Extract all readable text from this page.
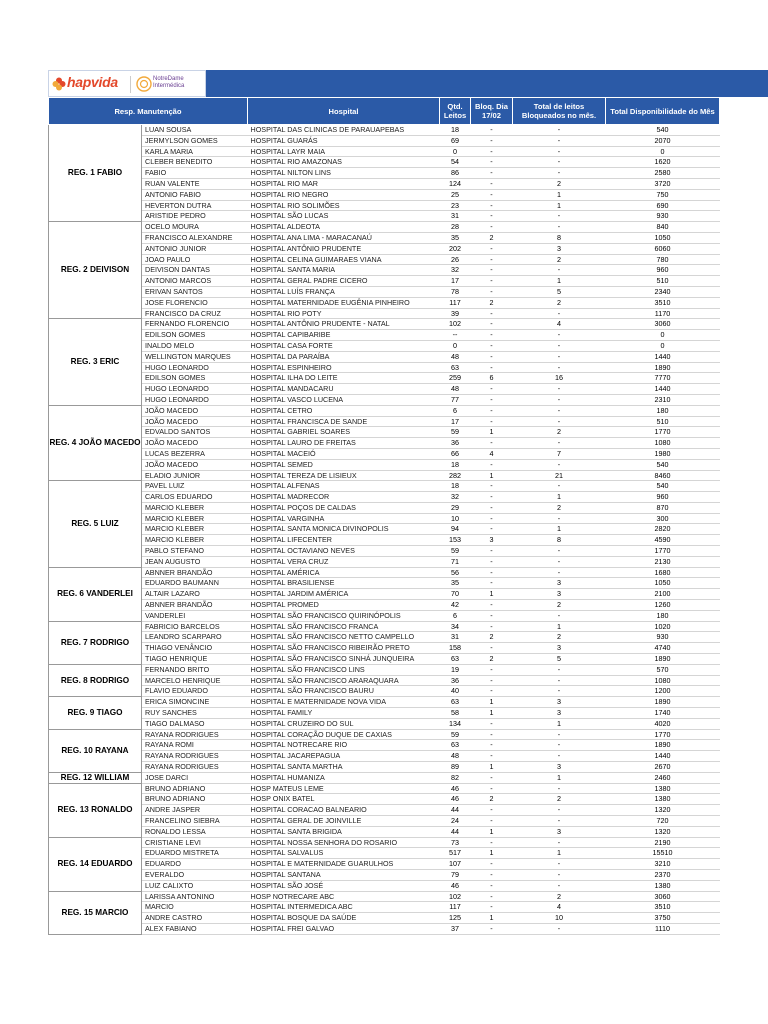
hapvida	NotreDame
Intermédica
Resp. Manutenção		Hospital	Qtd. Leitos	Bloq. Dia 17/02	Total de leitos Bloqueados no mês.	Total Disponibilidade do Mês
REG. 1 FABIO	LUAN SOUSA	HOSPITAL DAS CLINICAS DE PARAUAPEBAS	18	-	-	540
	JERMYLSON GOMES	HOSPITAL GUARÁS	69	-	-	2070
	KARLA MARIA	HOSPITAL LAYR MAIA	0	-	-	0
	CLEBER BENEDITO	HOSPITAL RIO AMAZONAS	54	-	-	1620
	FABIO	HOSPITAL NILTON LINS	86	-	-	2580
	RUAN VALENTE	HOSPITAL RIO MAR	124	-	2	3720
	ANTONIO FABIO	HOSPITAL RIO NEGRO	25	-	1	750
	HEVERTON DUTRA	HOSPITAL RIO SOLIMÕES	23	-	1	690
	ARISTIDE PEDRO	HOSPITAL SÃO LUCAS	31	-	-	930
REG. 2 DEIVISON	OCELO MOURA	HOSPITAL ALDEOTA	28	-	-	840
	FRANCISCO ALEXANDRE	HOSPITAL ANA LIMA - MARACANAÚ	35	2	8	1050
	ANTONIO JUNIOR	HOSPITAL ANTÔNIO PRUDENTE	202	-	3	6060
	JOAO PAULO	HOSPITAL CELINA GUIMARAES VIANA	26	-	2	780
	DEIVISON DANTAS	HOSPITAL SANTA MARIA	32	-	-	960
	ANTONIO MARCOS	HOSPITAL GERAL PADRE CICERO	17	-	1	510
	ERIVAN SANTOS	HOSPITAL LUÍS FRANÇA	78	-	5	2340
	JOSE FLORENCIO	HOSPITAL MATERNIDADE EUGÊNIA PINHEIRO	117	2	2	3510
	FRANCISCO DA CRUZ	HOSPITAL RIO POTY	39	-	-	1170
REG. 3 ERIC	FERNANDO FLORENCIO	HOSPITAL ANTÔNIO PRUDENTE - NATAL	102	-	4	3060
	EDILSON GOMES	HOSPITAL CAPIBARIBE	--	-	-	0
	INALDO MELO	HOSPITAL CASA FORTE	0	-	-	0
	WELLINGTON MARQUES	HOSPITAL DA PARAÍBA	48	-	-	1440
	HUGO LEONARDO	HOSPITAL ESPINHEIRO	63	-	-	1890
	EDILSON GOMES	HOSPITAL ILHA DO LEITE	259	6	16	7770
	HUGO LEONARDO	HOSPITAL MANDACARU	48	-	-	1440
	HUGO LEONARDO	HOSPITAL VASCO LUCENA	77	-	-	2310
REG. 4 JOÃO MACEDO	JOÃO MACEDO	HOSPITAL CETRO	6	-	-	180
	JOÃO MACEDO	HOSPITAL FRANCISCA DE SANDE	17	-	-	510
	EDVALDO SANTOS	HOSPITAL GABRIEL SOARES	59	1	2	1770
	JOÃO MACEDO	HOSPITAL LAURO DE FREITAS	36	-	-	1080
	LUCAS BEZERRA	HOSPITAL MACEIÓ	66	4	7	1980
	JOÃO MACEDO	HOSPITAL SEMED	18	-	-	540
	ELADIO JUNIOR	HOSPITAL TEREZA DE LISIEUX	282	1	21	8460
REG. 5 LUIZ	PAVEL LUIZ	HOSPITAL ALFENAS	18	-	-	540
	CARLOS EDUARDO	HOSPITAL MADRECOR	32	-	1	960
	MARCIO KLEBER	HOSPITAL POÇOS DE CALDAS	29	-	2	870
	MARCIO KLEBER	HOSPITAL VARGINHA	10	-	-	300
	MARCIO KLEBER	HOSPITAL SANTA MONICA DIVINOPOLIS	94	-	1	2820
	MARCIO KLEBER	HOSPITAL LIFECENTER	153	3	8	4590
	PABLO STEFANO	HOSPITAL OCTAVIANO NEVES	59	-	-	1770
	JEAN AUGUSTO	HOSPITAL VERA CRUZ	71	-	-	2130
REG. 6 VANDERLEI	ABNNER BRANDÃO	HOSPITAL AMÉRICA	56	-	-	1680
	EDUARDO BAUMANN	HOSPITAL BRASILIENSE	35	-	3	1050
	ALTAIR LAZARO	HOSPITAL JARDIM AMÉRICA	70	1	3	2100
	ABNNER BRANDÃO	HOSPITAL PROMED	42	-	2	1260
	VANDERLEI	HOSPITAL SÃO FRANCISCO QUIRINÓPOLIS	6	-	-	180
REG. 7 RODRIGO	FABRICIO BARCELOS	HOSPITAL SÃO FRANCISCO FRANCA	34	-	1	1020
	LEANDRO SCARPARO	HOSPITAL SÃO FRANCISCO NETTO CAMPELLO	31	2	2	930
	THIAGO VENÂNCIO	HOSPITAL SÃO FRANCISCO RIBEIRÃO PRETO	158	-	3	4740
	TIAGO HENRIQUE	HOSPITAL SÃO FRANCISCO SINHÁ JUNQUEIRA	63	2	5	1890
REG. 8 RODRIGO	FERNANDO BRITO	HOSPITAL SÃO FRANCISCO LINS	19	-	-	570
	MARCELO HENRIQUE	HOSPITAL SÃO FRANCISCO ARARAQUARA	36	-	-	1080
	FLAVIO EDUARDO	HOSPITAL SÃO FRANCISCO BAURU	40	-	-	1200
REG. 9 TIAGO	ERICA SIMONCINE	HOSPITAL E MATERNIDADE NOVA VIDA	63	1	3	1890
	RUY SANCHES	HOSPITAL FAMILY	58	1	3	1740
	TIAGO DALMASO	HOSPITAL CRUZEIRO DO SUL	134	-	1	4020
REG. 10 RAYANA	RAYANA RODRIGUES	HOSPITAL CORAÇÃO DUQUE DE CAXIAS	59	-	-	1770
	RAYANA ROMI	HOSPITAL NOTRECARE RIO	63	-	-	1890
	RAYANA RODRIGUES	HOSPITAL JACAREPAGUA	48	-	-	1440
	RAYANA RODRIGUES	HOSPITAL SANTA MARTHA	89	1	3	2670
REG. 12 WILLIAM	JOSE DARCI	HOSPITAL HUMANIZA	82	-	1	2460
REG. 13 RONALDO	BRUNO ADRIANO	HOSP MATEUS LEME	46	-	-	1380
	BRUNO ADRIANO	HOSP ONIX BATEL	46	2	2	1380
	ANDRE JASPER	HOSPITAL CORACAO BALNEARIO	44	-	-	1320
	FRANCELINO SIEBRA	HOSPITAL GERAL DE JOINVILLE	24	-	-	720
	RONALDO LESSA	HOSPITAL SANTA BRIGIDA	44	1	3	1320
REG. 14 EDUARDO	CRISTIANE LEVI	HOSPITAL NOSSA SENHORA DO ROSARIO	73	-	-	2190
	EDUARDO MISTRETA	HOSPITAL SALVALUS	517	1	1	15510
	EDUARDO	HOSPITAL E MATERNIDADE GUARULHOS	107	-	-	3210
	EVERALDO	HOSPITAL SANTANA	79	-	-	2370
	LUIZ CALIXTO	HOSPITAL SÃO JOSÉ	46	-	-	1380
REG. 15 MARCIO	LARISSA ANTONINO	HOSP NOTRECARE ABC	102	-	2	3060
	MARCIO	HOSPITAL INTERMEDICA ABC	117	-	4	3510
	ANDRE CASTRO	HOSPITAL BOSQUE DA SAÚDE	125	1	10	3750
	ALEX FABIANO	HOSPITAL FREI GALVAO	37	-	-	1110
